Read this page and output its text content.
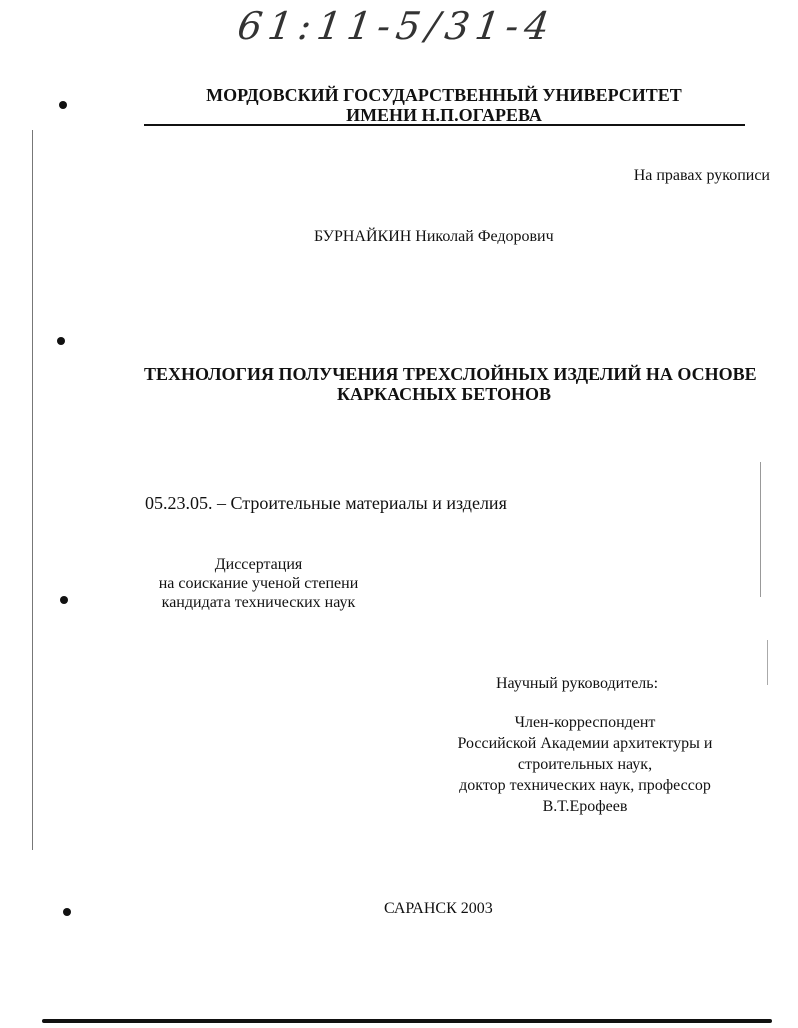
61:11-5/31-4
МОРДОВСКИЙ ГОСУДАРСТВЕННЫЙ УНИВЕРСИТЕТ
ИМЕНИ Н.П.ОГАРЕВА
На правах рукописи
БУРНАЙКИН Николай Федорович
ТЕХНОЛОГИЯ ПОЛУЧЕНИЯ ТРЕХСЛОЙНЫХ ИЗДЕЛИЙ НА ОСНОВЕ
КАРКАСНЫХ БЕТОНОВ
05.23.05. – Строительные материалы и изделия
Диссертация
на соискание ученой степени
кандидата технических наук
Научный руководитель:
Член-корреспондент
Российской Академии архитектуры и
строительных наук,
доктор технических наук, профессор
В.Т.Ерофеев
САРАНСК 2003
